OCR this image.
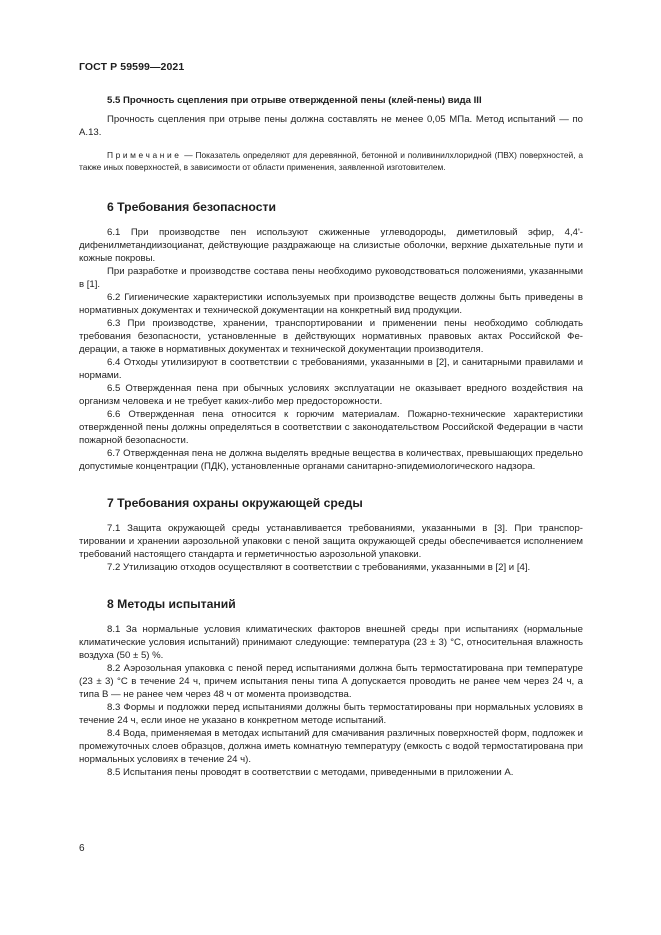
ГОСТ Р 59599—2021
5.5 Прочность сцепления при отрыве отвержденной пены (клей-пены) вида III

Прочность сцепления при отрыве пены должна составлять не менее 0,05 МПа. Метод испытаний — по А.13.

Примечание — Показатель определяют для деревянной, бетонной и поливинилхлоридной (ПВХ) поверхностей, а также иных поверхностей, в зависимости от области применения, заявленной изготовителем.

6 Требования безопасности

6.1 При производстве пен используют сжиженные углеводороды, диметиловый эфир, 4,4'-дифенилметандиизоцианат, действующие раздражающе на слизистые оболочки, верхние дыхательные пути и кожные покровы.

При разработке и производстве состава пены необходимо руководствоваться положениями, указанными в [1].

6.2 Гигиенические характеристики используемых при производстве веществ должны быть приведены в нормативных документах и технической документации на конкретный вид продукции.

6.3 При производстве, хранении, транспортировании и применении пены необходимо соблюдать требования безопасности, установленные в действующих нормативных правовых актах Российской Федерации, а также в нормативных документах и технической документации производителя.

6.4 Отходы утилизируют в соответствии с требованиями, указанными в [2], и санитарными правилами и нормами.

6.5 Отвержденная пена при обычных условиях эксплуатации не оказывает вредного воздействия на организм человека и не требует каких-либо мер предосторожности.

6.6 Отвержденная пена относится к горючим материалам. Пожарно-технические характеристики отвержденной пены должны определяться в соответствии с законодательством Российской Федерации в части пожарной безопасности.

6.7 Отвержденная пена не должна выделять вредные вещества в количествах, превышающих предельно допустимые концентрации (ПДК), установленные органами санитарно-эпидемиологического надзора.

7 Требования охраны окружающей среды

7.1 Защита окружающей среды устанавливается требованиями, указанными в [3]. При транспортировании и хранении аэрозольной упаковки с пеной защита окружающей среды обеспечивается исполнением требований настоящего стандарта и герметичностью аэрозольной упаковки.

7.2 Утилизацию отходов осуществляют в соответствии с требованиями, указанными в [2] и [4].

8 Методы испытаний

8.1 За нормальные условия климатических факторов внешней среды при испытаниях (нормальные климатические условия испытаний) принимают следующие: температура (23 ± 3) °С, относительная влажность воздуха (50 ± 5) %.

8.2 Аэрозольная упаковка с пеной перед испытаниями должна быть термостатирована при температуре (23 ± 3) °С в течение 24 ч, причем испытания пены типа А допускается проводить не ранее чем через 24 ч, а типа В — не ранее чем через 48 ч от момента производства.

8.3 Формы и подложки перед испытаниями должны быть термостатированы при нормальных условиях в течение 24 ч, если иное не указано в конкретном методе испытаний.

8.4 Вода, применяемая в методах испытаний для смачивания различных поверхностей форм, подложек и промежуточных слоев образцов, должна иметь комнатную температуру (емкость с водой термостатирована при нормальных условиях в течение 24 ч).

8.5 Испытания пены проводят в соответствии с методами, приведенными в приложении А.

6
